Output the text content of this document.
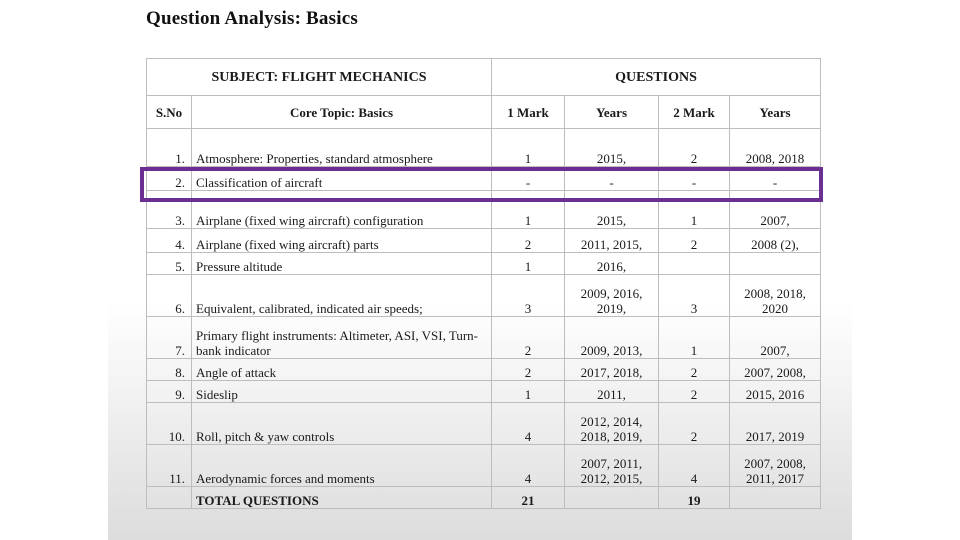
Question Analysis: Basics
SUBJECT: FLIGHT MECHANICS		QUESTIONS			
S.No	Core Topic: Basics	1 Mark	Years	2 Mark	Years
1.	Atmosphere: Properties, standard atmosphere	1	2015,	2	2008, 2018
2.	Classification of aircraft	-	-	-	-
3.	Airplane (fixed wing aircraft) configuration	1	2015,	1	2007,
4.	Airplane (fixed wing aircraft) parts	2	2011, 2015,	2	2008 (2),
5.	Pressure altitude	1	2016,		
6.	Equivalent, calibrated, indicated air speeds;	3	2009, 2016, 2019,	3	2008, 2018, 2020
7.	Primary flight instruments: Altimeter, ASI, VSI, Turn-bank indicator	2	2009, 2013,	1	2007,
8.	Angle of attack	2	2017, 2018,	2	2007, 2008,
9.	Sideslip	1	2011,	2	2015, 2016
10.	Roll, pitch & yaw controls	4	2012, 2014, 2018, 2019,	2	2017, 2019
11.	Aerodynamic forces and moments	4	2007, 2011, 2012, 2015,	4	2007, 2008, 2011, 2017
	TOTAL QUESTIONS	21		19	
